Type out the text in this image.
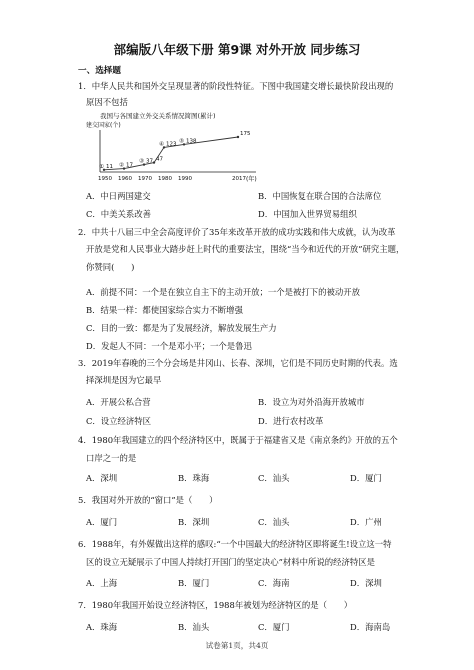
部编版八年级下册 第9课 对外开放 同步练习
一、选择题
1．中华人民共和国外交呈现显著的阶段性特征。下图中我国建交增长最快阶段出现的
原因不包括
我国与各国建立外交关系情况简图(累计)
建交国家(个)
11
①	17
②
37
③ 47
123
④	138
⑤
175
1950 1960 1970 1980 1990	2017 (年)
A．中日两国建交	B．中国恢复在联合国的合法席位
C．中美关系改善	D．中国加入世界贸易组织
2．中共十八届三中全会高度评价了35年来改革开放的成功实践和伟大成就，认为改革
开放是党和人民事业大踏步赶上时代的重要法宝，围绕“当今和近代的开放”研究主题，
你赞同(　　)
A．前提不同：一个是在独立自主下的主动开放；一个是被打下的被动开放
B．结果一样：都使国家综合实力不断增强
C．目的一致：都是为了发展经济，解放发展生产力
D．发起人不同：一个是邓小平；一个是鲁迅
3．2019年春晚的三个分会场是井冈山、长春、深圳，它们是不同历史时期的代表。选
择深圳是因为它最早
A．开展公私合营	B．设立为对外沿海开放城市
C．设立经济特区	D．进行农村改革
4．1980年我国建立的四个经济特区中，既属于于福建省又是《南京条约》开放的五个
口岸之一的是
A．深圳	B．珠海	C．汕头	D．厦门
5．我国对外开放的“窗口”是（　　）
A．厦门	B．深圳	C．汕头	D．广州
6．1988年，有外媒做出这样的感叹:“一个中国最大的经济特区即将诞生!设立这一特
区的设立无疑展示了中国人持续打开国门的坚定决心”材料中所说的经济特区是
A．上海	B．厦门	C．海南	D．深圳
7．1980年我国开始设立经济特区，1988年被划为经济特区的是（　　）
A．珠海	B．汕头	C．厦门	D．海南岛
试卷第1页，共4页
